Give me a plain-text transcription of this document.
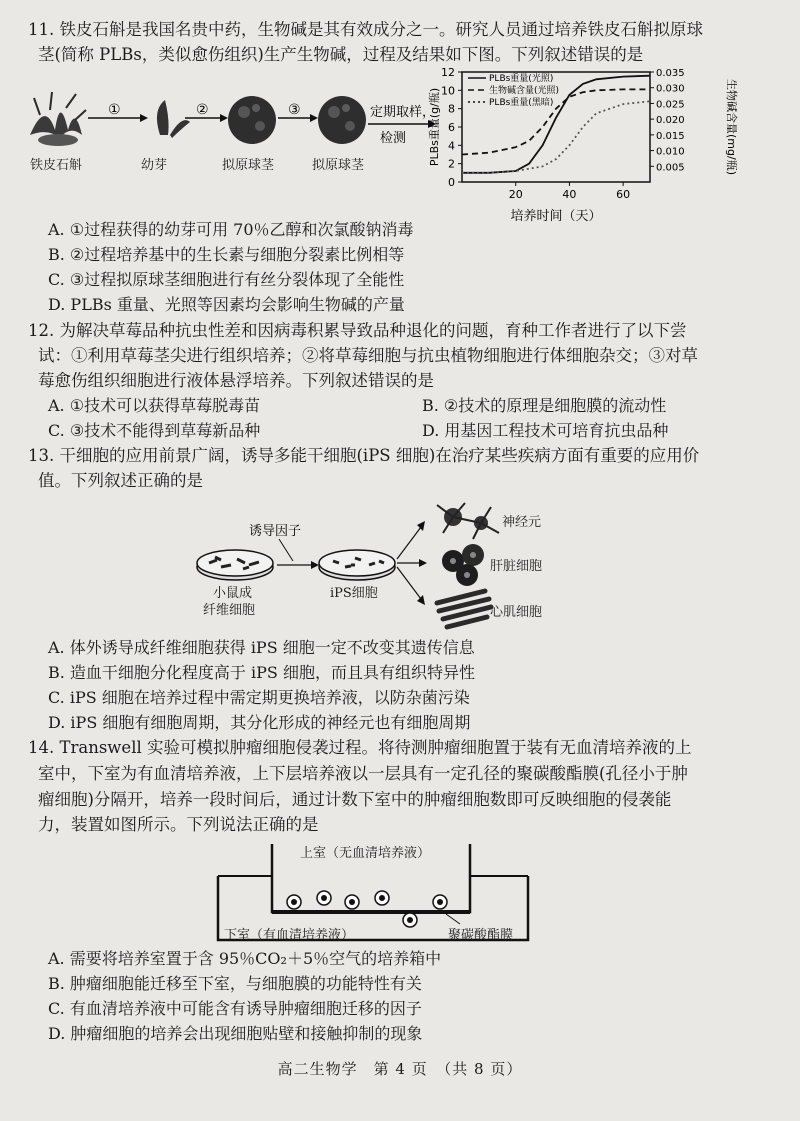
11. 铁皮石斛是我国名贵中药，生物碱是其有效成分之一。研究人员通过培养铁皮石斛拟原球
茎(简称 PLBs，类似愈伤组织)生产生物碱，过程及结果如下图。下列叙述错误的是
①	②	③	定期取样，
检测
铁皮石斛	幼芽	拟原球茎	拟原球茎
0
2
4
6
8
10
12
0.005
0.010
0.015
0.020
0.025
0.030
0.035
20	40	60
培养时间（天）
PLBs重量(g/瓶)	生物碱含量(mg/瓶)
PLBs重量(光照)
生物碱含量(光照)
PLBs重量(黑暗)
A. ①过程获得的幼芽可用 70％乙醇和次氯酸钠消毒
B. ②过程培养基中的生长素与细胞分裂素比例相等
C. ③过程拟原球茎细胞进行有丝分裂体现了全能性
D. PLBs 重量、光照等因素均会影响生物碱的产量
12. 为解决草莓品种抗虫性差和因病毒积累导致品种退化的问题，育种工作者进行了以下尝
试：①利用草莓茎尖进行组织培养；②将草莓细胞与抗虫植物细胞进行体细胞杂交；③对草
莓愈伤组织细胞进行液体悬浮培养。下列叙述错误的是
A. ①技术可以获得草莓脱毒苗	B. ②技术的原理是细胞膜的流动性
C. ③技术不能得到草莓新品种	D. 用基因工程技术可培育抗虫品种
13. 干细胞的应用前景广阔，诱导多能干细胞(iPS 细胞)在治疗某些疾病方面有重要的应用价
值。下列叙述正确的是
诱导因子
小鼠成
纤维细胞
iPS细胞
神经元
肝脏细胞
心肌细胞
A. 体外诱导成纤维细胞获得 iPS 细胞一定不改变其遗传信息
B. 造血干细胞分化程度高于 iPS 细胞，而且具有组织特异性
C. iPS 细胞在培养过程中需定期更换培养液，以防杂菌污染
D. iPS 细胞有细胞周期，其分化形成的神经元也有细胞周期
14. Transwell 实验可模拟肿瘤细胞侵袭过程。将待测肿瘤细胞置于装有无血清培养液的上
室中，下室为有血清培养液，上下层培养液以一层具有一定孔径的聚碳酸酯膜(孔径小于肿
瘤细胞)分隔开，培养一段时间后，通过计数下室中的肿瘤细胞数即可反映细胞的侵袭能
力，装置如图所示。下列说法正确的是
上室（无血清培养液）
下室（有血清培养液）	聚碳酸酯膜
A. 需要将培养室置于含 95％CO₂＋5％空气的培养箱中
B. 肿瘤细胞能迁移至下室，与细胞膜的功能特性有关
C. 有血清培养液中可能含有诱导肿瘤细胞迁移的因子
D. 肿瘤细胞的培养会出现细胞贴壁和接触抑制的现象
高二生物学　第 4 页　（共 8 页）
